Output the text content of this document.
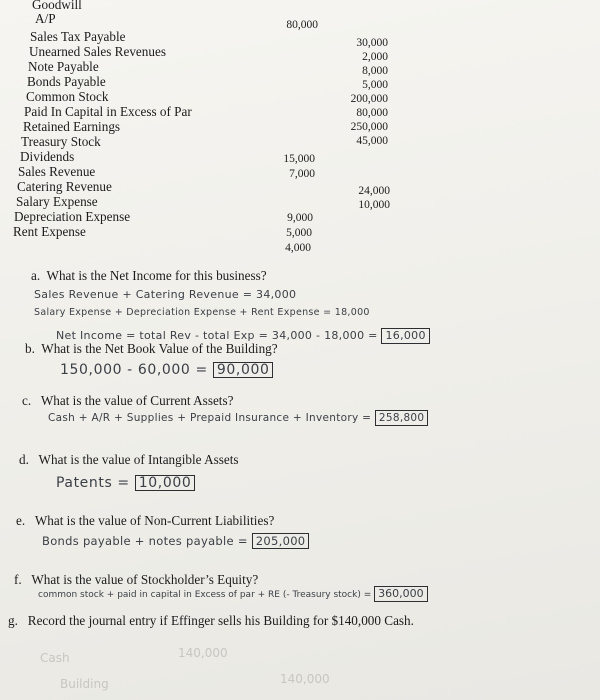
Goodwill
A/P
Sales Tax Payable
Unearned Sales Revenues
Note Payable
Bonds Payable
Common Stock
Paid In Capital in Excess of Par
Retained Earnings
Treasury Stock
Dividends
Sales Revenue
Catering Revenue
Salary Expense
Depreciation Expense
Rent Expense
80,000
15,000
7,000
9,000
5,000
4,000
30,000
2,000
8,000
5,000
200,000
80,000
250,000
45,000
24,000
10,000
a. What is the Net Income for this business?
Sales Revenue + Catering Revenue = 34,000
Salary Expense + Depreciation Expense + Rent Expense = 18,000
Net Income = total Rev - total Exp = 34,000 - 18,000 = 16,000
b. What is the Net Book Value of the Building?
150,000 - 60,000 = 90,000
c. What is the value of Current Assets?
Cash + A/R + Supplies + Prepaid Insurance + Inventory = 258,800
d. What is the value of Intangible Assets
Patents = 10,000
e. What is the value of Non-Current Liabilities?
Bonds payable + notes payable = 205,000
f. What is the value of Stockholder’s Equity?
common stock + paid in capital in Excess of par + RE (- Treasury stock) = 360,000
g. Record the journal entry if Effinger sells his Building for $140,000 Cash.
Cash	140,000
Building	140,000
